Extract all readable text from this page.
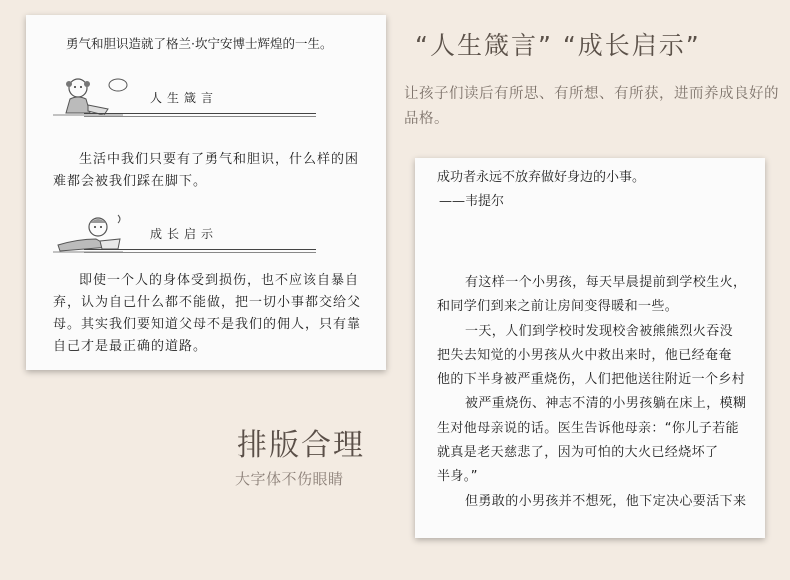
勇气和胆识造就了格兰·坎宁安博士辉煌的一生。
人生箴言

生活中我们只要有了勇气和胆识，什么样的困难都会被我们踩在脚下。

成长启示

即使一个人的身体受到损伤，也不应该自暴自弃，认为自己什么都不能做，把一切小事都交给父母。其实我们要知道父母不是我们的佣人，只有靠自己才是最正确的道路。

“人生箴言” “成长启示”
让孩子们读后有所思、有所想、有所获，进而养成良好的品格。
排版合理
大字体不伤眼睛
成功者永远不放弃做好身边的小事。
——韦提尔
有这样一个小男孩，每天早晨提前到学校生火，
和同学们到来之前让房间变得暖和一些。
一天，人们到学校时发现校舍被熊熊烈火吞没
把失去知觉的小男孩从火中救出来时，他已经奄奄
他的下半身被严重烧伤，人们把他送往附近一个乡村
被严重烧伤、神志不清的小男孩躺在床上，模糊
生对他母亲说的话。医生告诉他母亲：“你儿子若能
就真是老天慈悲了，因为可怕的大火已经烧坏了
半身。”
但勇敢的小男孩并不想死，他下定决心要活下来
